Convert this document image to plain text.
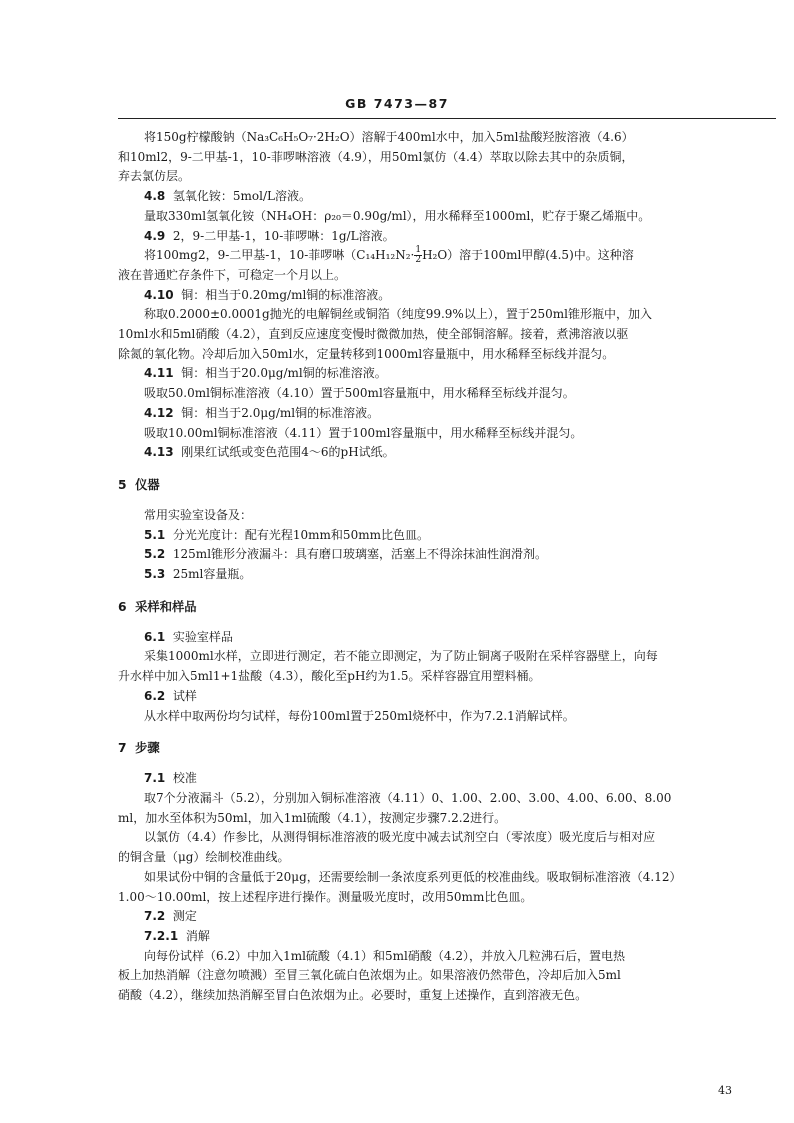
GB 7473—87
将150g柠檬酸钠（Na₃C₆H₅O₇·2H₂O）溶解于400ml水中，加入5ml盐酸羟胺溶液（4.6）
和10ml2，9-二甲基-1，10-菲啰啉溶液（4.9），用50ml氯仿（4.4）萃取以除去其中的杂质铜，
弃去氯仿层。
4.8 氢氧化铵：5mol/L溶液。
量取330ml氢氧化铵（NH₄OH：ρ₂₀＝0.90g/ml），用水稀释至1000ml，贮存于聚乙烯瓶中。
4.9 2，9-二甲基-1，10-菲啰啉：1g/L溶液。
将100mg2，9-二甲基-1，10-菲啰啉$(C_{14}H_{12}N_2\cdot \frac{1}{2} H_2O)$溶于100ml甲醇(4.5)中。这种溶
液在普通贮存条件下，可稳定一个月以上。
4.10 铜：相当于0.20mg/ml铜的标准溶液。
称取0.2000±0.0001g抛光的电解铜丝或铜箔（纯度99.9%以上），置于250ml锥形瓶中，加入
10ml水和5ml硝酸（4.2），直到反应速度变慢时微微加热，使全部铜溶解。接着，煮沸溶液以驱
除氮的氧化物。冷却后加入50ml水，定量转移到1000ml容量瓶中，用水稀释至标线并混匀。
4.11 铜：相当于20.0μg/ml铜的标准溶液。
吸取50.0ml铜标准溶液（4.10）置于500ml容量瓶中，用水稀释至标线并混匀。
4.12 铜：相当于2.0μg/ml铜的标准溶液。
吸取10.00ml铜标准溶液（4.11）置于100ml容量瓶中，用水稀释至标线并混匀。
4.13 刚果红试纸或变色范围4～6的pH试纸。
5  仪器
常用实验室设备及：
5.1 分光光度计：配有光程10mm和50mm比色皿。
5.2 125ml锥形分液漏斗：具有磨口玻璃塞，活塞上不得涂抹油性润滑剂。
5.3 25ml容量瓶。
6  采样和样品
6.1 实验室样品
采集1000ml水样，立即进行测定，若不能立即测定，为了防止铜离子吸附在采样容器壁上，向每
升水样中加入5ml1+1盐酸（4.3），酸化至pH约为1.5。采样容器宜用塑料桶。
6.2 试样
从水样中取两份均匀试样，每份100ml置于250ml烧杯中，作为7.2.1消解试样。
7  步骤
7.1 校准
取7个分液漏斗（5.2），分别加入铜标准溶液（4.11）0、1.00、2.00、3.00、4.00、6.00、8.00
ml，加水至体积为50ml，加入1ml硫酸（4.1），按测定步骤7.2.2进行。
以氯仿（4.4）作参比，从测得铜标准溶液的吸光度中减去试剂空白（零浓度）吸光度后与相对应
的铜含量（μg）绘制校准曲线。
如果试份中铜的含量低于20μg，还需要绘制一条浓度系列更低的校准曲线。吸取铜标准溶液（4.12）
1.00～10.00ml，按上述程序进行操作。测量吸光度时，改用50mm比色皿。
7.2 测定
7.2.1 消解
向每份试样（6.2）中加入1ml硫酸（4.1）和5ml硝酸（4.2），并放入几粒沸石后，置电热
板上加热消解（注意勿喷溅）至冒三氧化硫白色浓烟为止。如果溶液仍然带色，冷却后加入5ml
硝酸（4.2），继续加热消解至冒白色浓烟为止。必要时，重复上述操作，直到溶液无色。
43
